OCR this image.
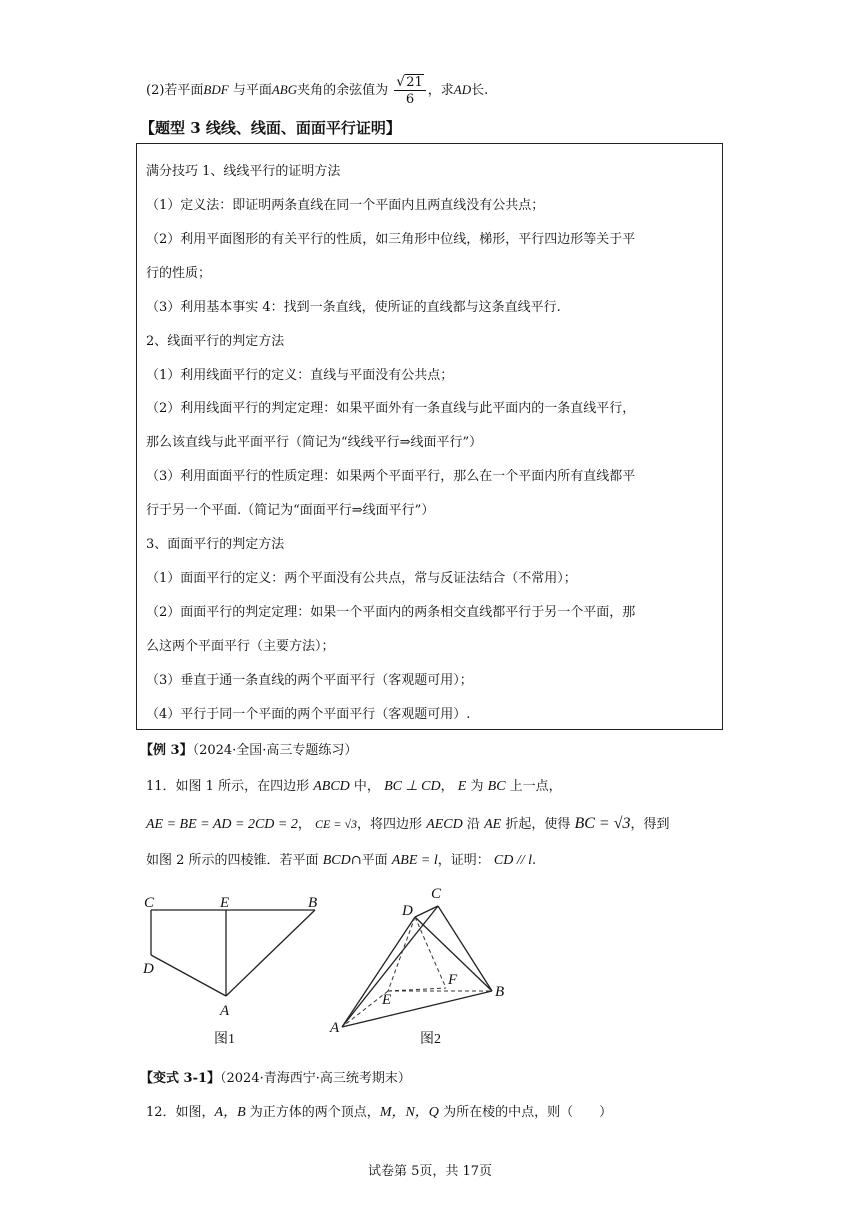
(2)若平面BDF 与平面ABG夹角的余弦值为 $\frac{√21}{6}$ ，求AD长.
【题型 3 线线、线面、面面平行证明】
满分技巧 1、线线平行的证明方法
（1）定义法：即证明两条直线在同一个平面内且两直线没有公共点；
（2）利用平面图形的有关平行的性质，如三角形中位线，梯形，平行四边形等关于平
行的性质；
（3）利用基本事实 4：找到一条直线，使所证的直线都与这条直线平行.
2、线面平行的判定方法
（1）利用线面平行的定义：直线与平面没有公共点；
（2）利用线面平行的判定定理：如果平面外有一条直线与此平面内的一条直线平行，
那么该直线与此平面平行（简记为“线线平行⇒线面平行”）
（3）利用面面平行的性质定理：如果两个平面平行，那么在一个平面内所有直线都平
行于另一个平面.（简记为“面面平行⇒线面平行”）
3、面面平行的判定方法
（1）面面平行的定义：两个平面没有公共点，常与反证法结合（不常用）；
（2）面面平行的判定定理：如果一个平面内的两条相交直线都平行于另一个平面，那
么这两个平面平行（主要方法）；
（3）垂直于通一条直线的两个平面平行（客观题可用）；
（4）平行于同一个平面的两个平面平行（客观题可用）.
【例 3】（2024·全国·高三专题练习）
11．如图 1 所示，在四边形 ABCD 中， BC ⊥ CD， E 为 BC 上一点，
AE = BE = AD = 2CD = 2， CE = √3，将四边形 AECD 沿 AE 折起，使得 BC = √3，得到
如图 2 所示的四棱锥．若平面 BCD∩平面 ABE = l，证明： CD // l.
C	E	B
D
A
图1
C
D
F
E	B
A
图2
【变式 3-1】（2024·青海西宁·高三统考期末）
12．如图，A，B 为正方体的两个顶点，M，N，Q 为所在棱的中点，则（　　）
试卷第 5页，共 17页
